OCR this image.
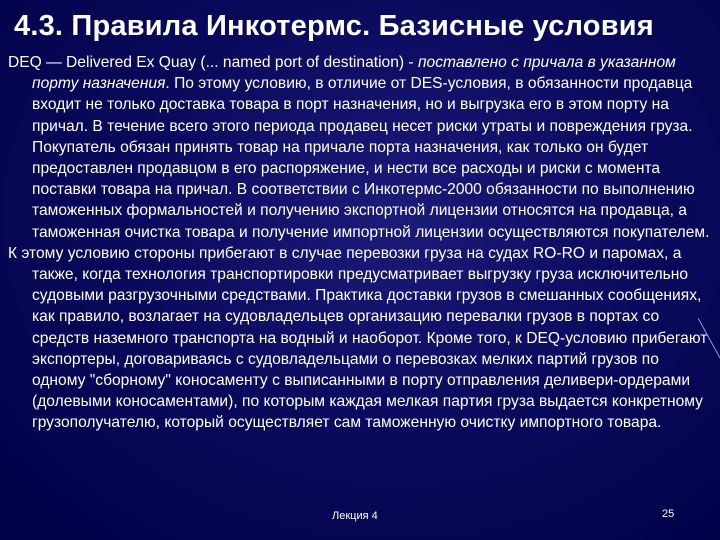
4.3. Правила Инкотермс. Базисные условия

DEQ — Delivered Ex Quay (... named port of destination) - поставлено с причала в указанном порту назначения. По этому условию, в отличие от DES-условия, в обязанности продавца входит не только доставка товара в порт назначения, но и выгрузка его в этом порту на причал. В течение всего этого периода продавец несет риски утраты и повреждения груза. Покупатель обязан принять товар на причале порта назначения, как только он будет предоставлен продавцом в его распоряжение, и нести все расходы и риски с момента поставки товара на причал. В соответствии с Инкотермс-2000 обязанности по выполнению таможенных формальностей и получению экспортной лицензии относятся на продавца, а таможенная очистка товара и получение импортной лицензии осуществляются покупателем.

К этому условию стороны прибегают в случае перевозки груза на судах RO-RO и паромах, а также, когда технология транспортировки предусматривает выгрузку груза исключительно судовыми разгрузочными средствами. Практика доставки грузов в смешанных сообщениях, как правило, возлагает на судовладельцев организацию перевалки грузов в портах со средств наземного транспорта на водный и наоборот. Кроме того, к DEQ-условию прибегают экспортеры, договариваясь с судовладельцами о перевозках мелких партий грузов по одному "сборному" коносаменту с выписанными в порту отправления деливери-ордерами (долевыми коносаментами), по которым каждая мелкая партия груза выдается конкретному грузополучателю, который осуществляет сам таможенную очистку импортного товара.

Лекция 4	25
